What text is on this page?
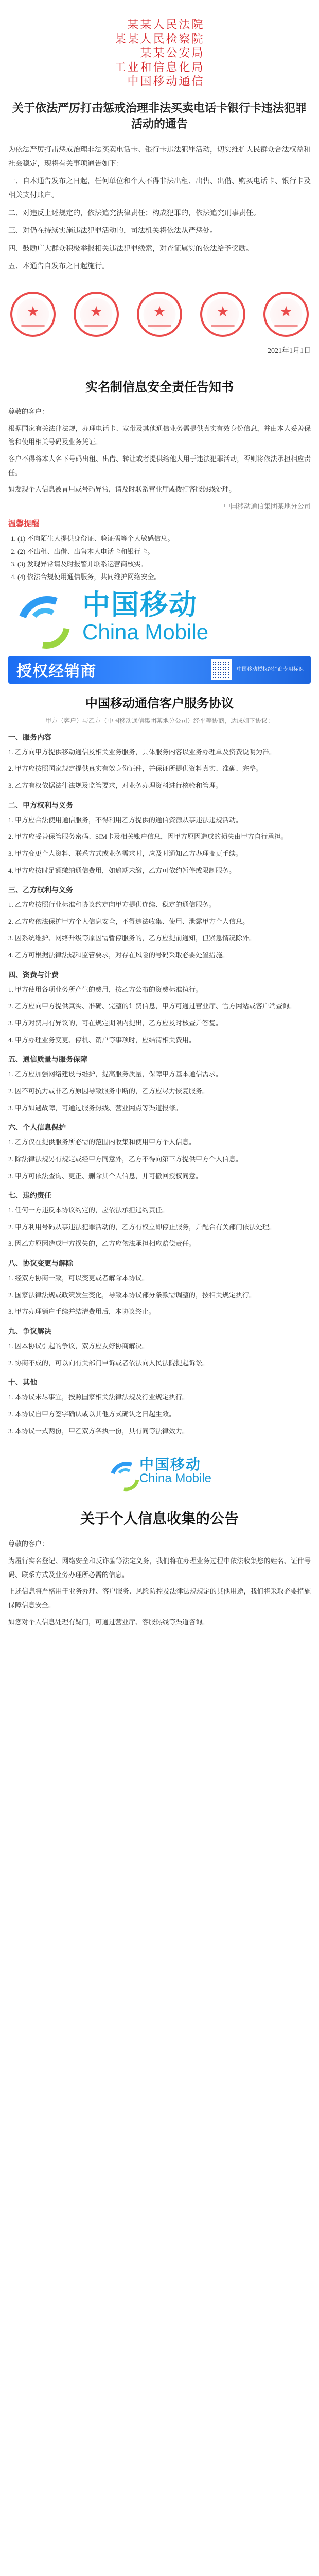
某某人民法院
某某人民检察院
某某公安局
工业和信息化局
中国移动通信
关于依法严厉打击惩戒治理非法买卖电话卡银行卡违法犯罪活动的通告

为依法严厉打击惩戒治理非法买卖电话卡、银行卡违法犯罪活动，切实维护人民群众合法权益和社会稳定，现将有关事项通告如下：

一、自本通告发布之日起，任何单位和个人不得非法出租、出售、出借、购买电话卡、银行卡及相关支付账户。

二、对违反上述规定的，依法追究法律责任；构成犯罪的，依法追究刑事责任。

三、对仍在持续实施违法犯罪活动的，司法机关将依法从严惩处。

四、鼓励广大群众积极举报相关违法犯罪线索，对查证属实的依法给予奖励。

五、本通告自发布之日起施行。

★
★
★
★
★
2021年1月1日
实名制信息安全责任告知书

尊敬的客户：

根据国家有关法律法规，办理电话卡、宽带及其他通信业务需提供真实有效身份信息，并由本人妥善保管和使用相关号码及业务凭证。

客户不得将本人名下号码出租、出借、转让或者提供给他人用于违法犯罪活动，否则将依法承担相应责任。

如发现个人信息被冒用或号码异常，请及时联系营业厅或拨打客服热线处理。

中国移动通信集团某地分公司
温馨提醒
1. (1) 不向陌生人提供身份证、验证码等个人敏感信息。
2. (2) 不出租、出借、出售本人电话卡和银行卡。
3. (3) 发现异常请及时报警并联系运营商核实。
4. (4) 依法合规使用通信服务，共同维护网络安全。
中国移动
China Mobile
授权经销商	中国移动授权经销商专用标识
中国移动通信客户服务协议
甲方（客户）与乙方（中国移动通信集团某地分公司）经平等协商，达成如下协议：
一、服务内容

1. 乙方向甲方提供移动通信及相关业务服务，具体服务内容以业务办理单及资费说明为准。

2. 甲方应按照国家规定提供真实有效身份证件，并保证所提供资料真实、准确、完整。

3. 乙方有权依据法律法规及监管要求，对业务办理资料进行核验和管理。

二、甲方权利与义务

1. 甲方应合法使用通信服务，不得利用乙方提供的通信资源从事违法违规活动。

2. 甲方应妥善保管服务密码、SIM卡及相关账户信息，因甲方原因造成的损失由甲方自行承担。

3. 甲方变更个人资料、联系方式或业务需求时，应及时通知乙方办理变更手续。

4. 甲方应按时足额缴纳通信费用，如逾期未缴，乙方可依约暂停或限制服务。

三、乙方权利与义务

1. 乙方应按照行业标准和协议约定向甲方提供连续、稳定的通信服务。

2. 乙方应依法保护甲方个人信息安全，不得违法收集、使用、泄露甲方个人信息。

3. 因系统维护、网络升级等原因需暂停服务的，乙方应提前通知，但紧急情况除外。

4. 乙方可根据法律法规和监管要求，对存在风险的号码采取必要处置措施。

四、资费与计费

1. 甲方使用各项业务所产生的费用，按乙方公布的资费标准执行。

2. 乙方应向甲方提供真实、准确、完整的计费信息，甲方可通过营业厅、官方网站或客户端查询。

3. 甲方对费用有异议的，可在规定期限内提出，乙方应及时核查并答复。

4. 甲方办理业务变更、停机、销户等事项时，应结清相关费用。

五、通信质量与服务保障

1. 乙方应加强网络建设与维护，提高服务质量，保障甲方基本通信需求。

2. 因不可抗力或非乙方原因导致服务中断的，乙方应尽力恢复服务。

3. 甲方如遇故障，可通过服务热线、营业网点等渠道报修。

六、个人信息保护

1. 乙方仅在提供服务所必需的范围内收集和使用甲方个人信息。

2. 除法律法规另有规定或经甲方同意外，乙方不得向第三方提供甲方个人信息。

3. 甲方可依法查询、更正、删除其个人信息，并可撤回授权同意。

七、违约责任

1. 任何一方违反本协议约定的，应依法承担违约责任。

2. 甲方利用号码从事违法犯罪活动的，乙方有权立即停止服务，并配合有关部门依法处理。

3. 因乙方原因造成甲方损失的，乙方应依法承担相应赔偿责任。

八、协议变更与解除

1. 经双方协商一致，可以变更或者解除本协议。

2. 国家法律法规或政策发生变化，导致本协议部分条款需调整的，按相关规定执行。

3. 甲方办理销户手续并结清费用后，本协议终止。

九、争议解决

1. 因本协议引起的争议，双方应友好协商解决。

2. 协商不成的，可以向有关部门申诉或者依法向人民法院提起诉讼。

十、其他

1. 本协议未尽事宜，按照国家相关法律法规及行业规定执行。

2. 本协议自甲方签字确认或以其他方式确认之日起生效。

3. 本协议一式两份，甲乙双方各执一份，具有同等法律效力。

中国移动
China Mobile
关于个人信息收集的公告

尊敬的客户：

为履行实名登记、网络安全和反诈骗等法定义务，我们将在办理业务过程中依法收集您的姓名、证件号码、联系方式及业务办理所必需的信息。

上述信息将严格用于业务办理、客户服务、风险防控及法律法规规定的其他用途，我们将采取必要措施保障信息安全。

如您对个人信息处理有疑问，可通过营业厅、客服热线等渠道咨询。
